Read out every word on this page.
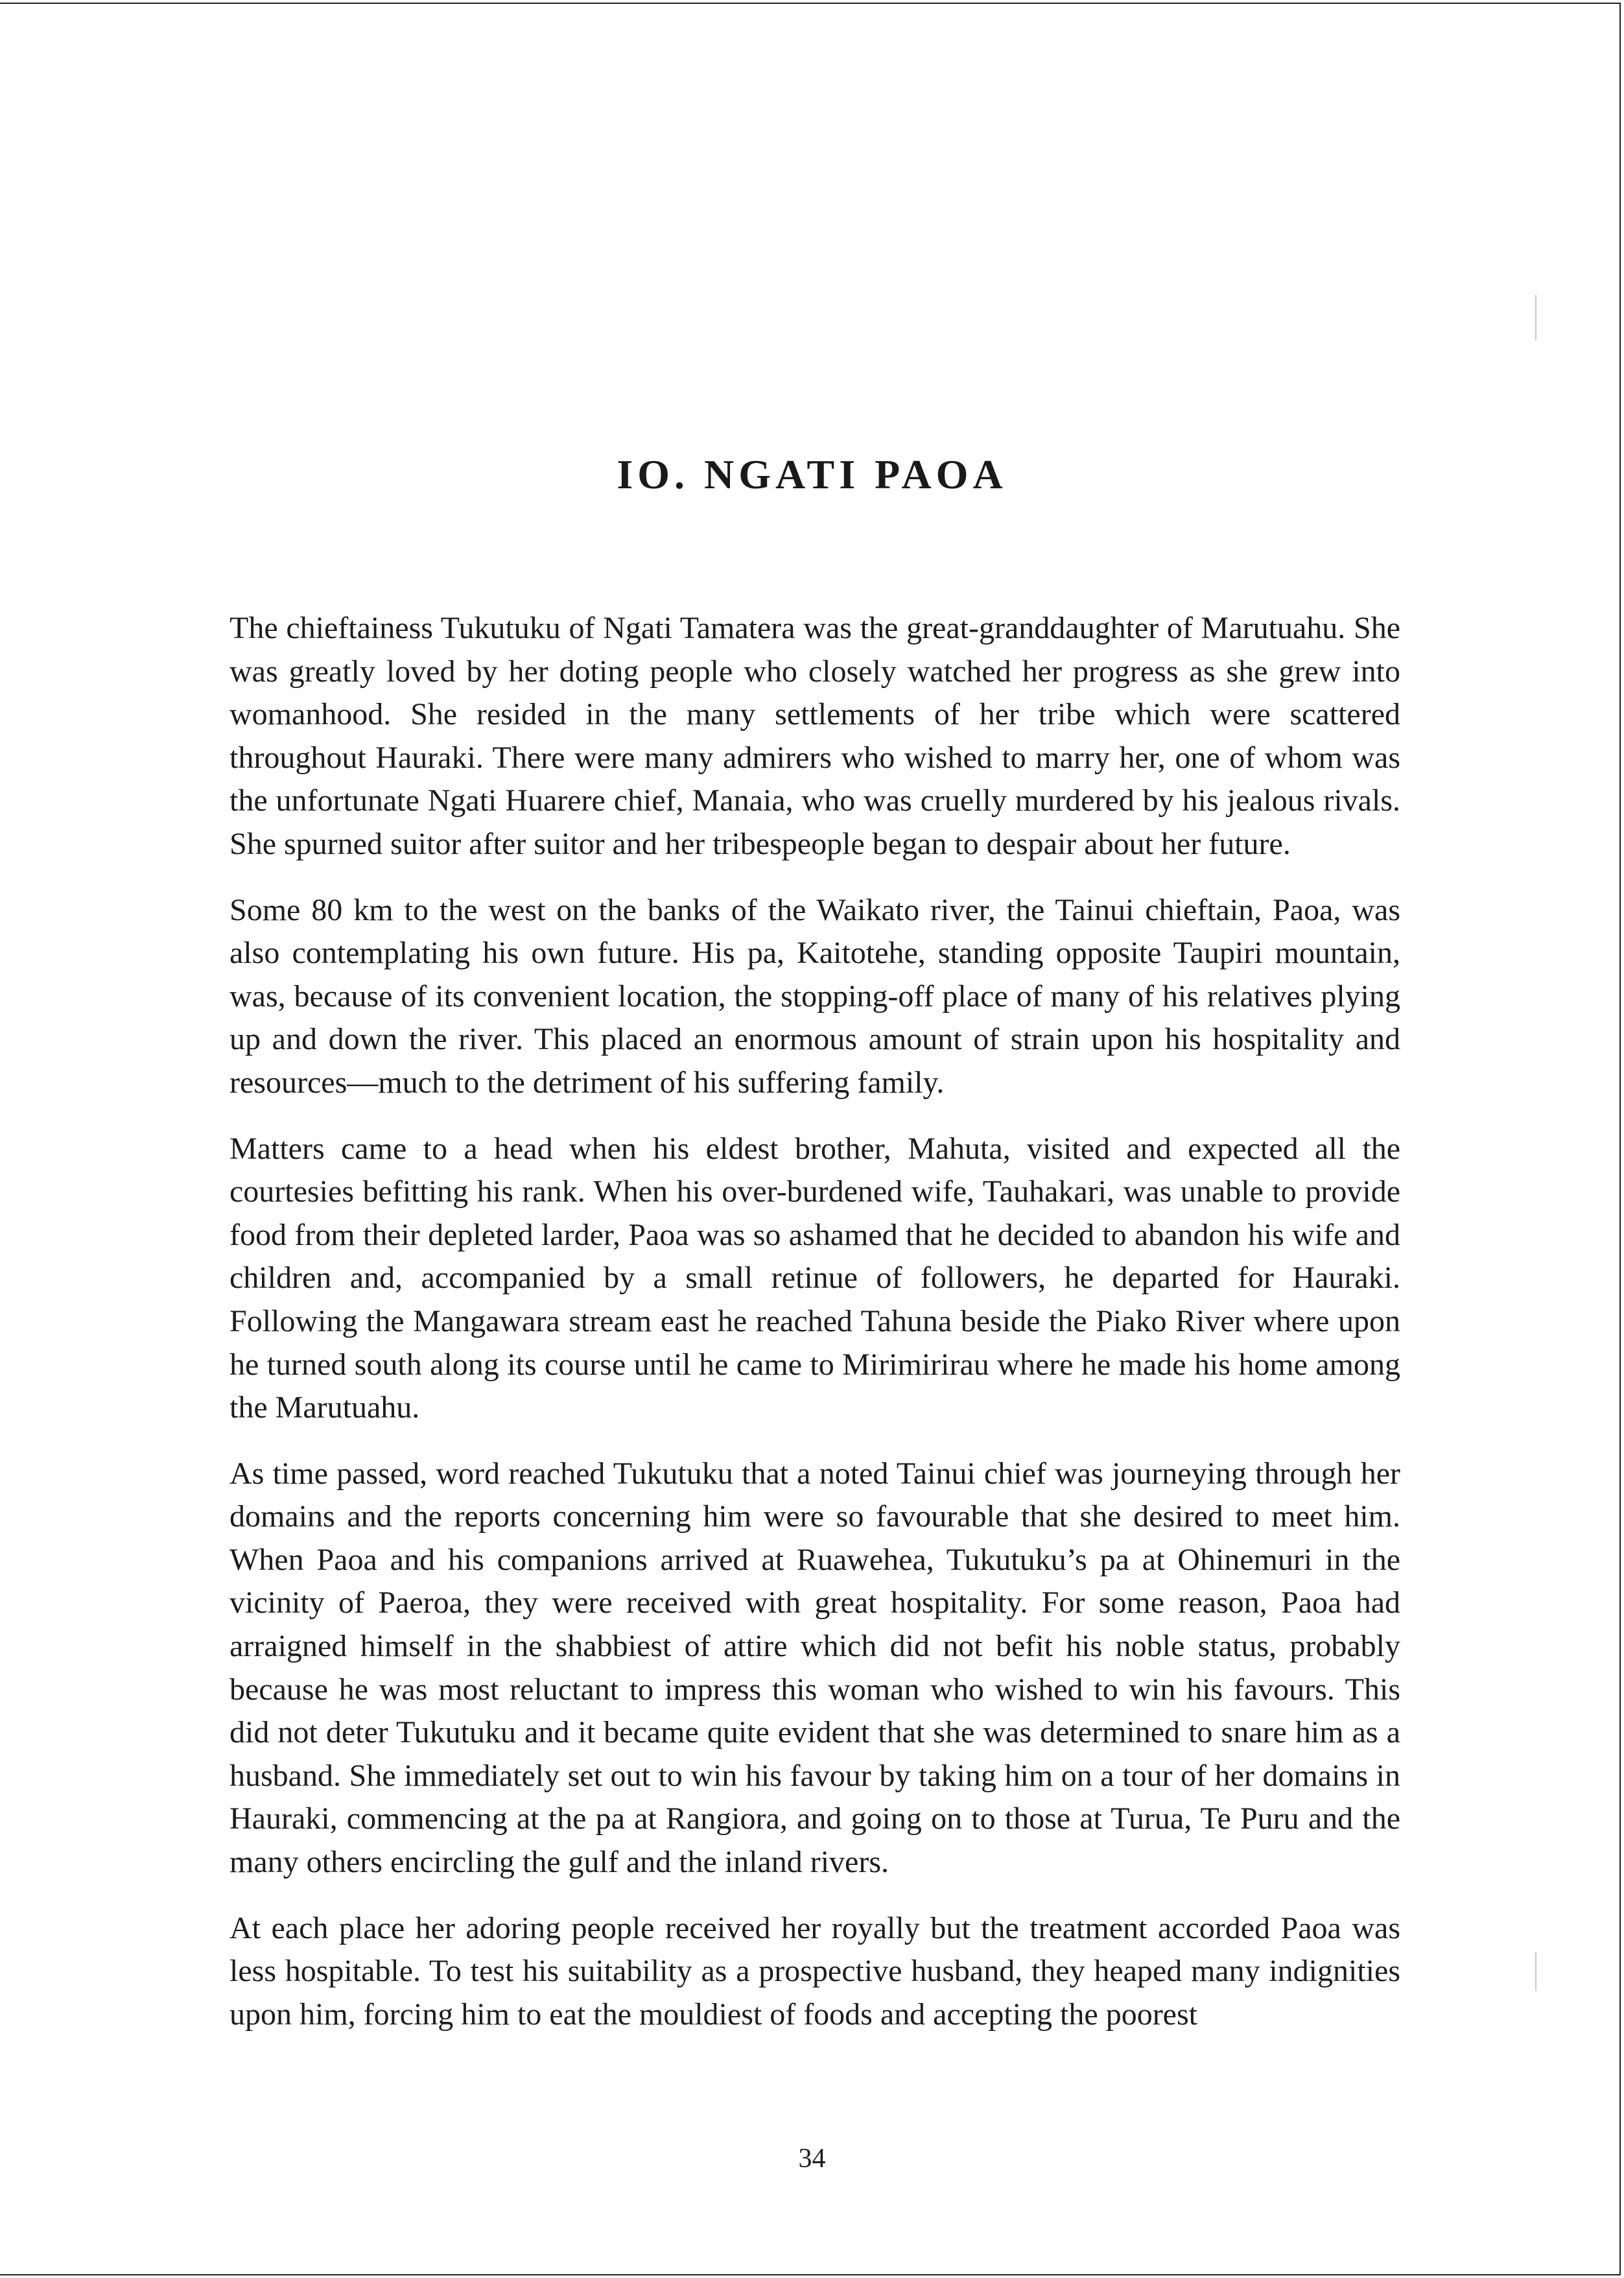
IO. NGATI PAOA

The chieftainess Tukutuku of Ngati Tamatera was the great-granddaughter of Marutuahu. She was greatly loved by her doting people who closely watched her progress as she grew into womanhood. She resided in the many settlements of her tribe which were scattered throughout Hauraki. There were many admirers who wished to marry her, one of whom was the unfortunate Ngati Huarere chief, Manaia, who was cruelly murdered by his jealous rivals. She spurned suitor after suitor and her tribespeople began to despair about her future.

Some 80 km to the west on the banks of the Waikato river, the Tainui chieftain, Paoa, was also contemplating his own future. His pa, Kaitotehe, standing opposite Taupiri mountain, was, because of its convenient location, the stopping-off place of many of his relatives plying up and down the river. This placed an enormous amount of strain upon his hospitality and resources—much to the detriment of his suffering family.

Matters came to a head when his eldest brother, Mahuta, visited and expected all the courtesies befitting his rank. When his over-burdened wife, Tauhakari, was unable to provide food from their depleted larder, Paoa was so ashamed that he decided to abandon his wife and children and, accompanied by a small retinue of followers, he departed for Hauraki. Following the Mangawara stream east he reached Tahuna beside the Piako River where upon he turned south along its course until he came to Mirimirirau where he made his home among the Marutuahu.

As time passed, word reached Tukutuku that a noted Tainui chief was journeying through her domains and the reports concerning him were so favourable that she desired to meet him. When Paoa and his companions arrived at Ruawehea, Tukutuku’s pa at Ohinemuri in the vicinity of Paeroa, they were received with great hospitality. For some reason, Paoa had arraigned himself in the shabbiest of attire which did not befit his noble status, probably because he was most reluctant to impress this woman who wished to win his favours. This did not deter Tukutuku and it became quite evident that she was determined to snare him as a husband. She immediately set out to win his favour by taking him on a tour of her domains in Hauraki, commencing at the pa at Rangiora, and going on to those at Turua, Te Puru and the many others encircling the gulf and the inland rivers.

At each place her adoring people received her royally but the treatment accorded Paoa was less hospitable. To test his suitability as a prospective husband, they heaped many indignities upon him, forcing him to eat the mouldiest of foods and accepting the poorest

34
